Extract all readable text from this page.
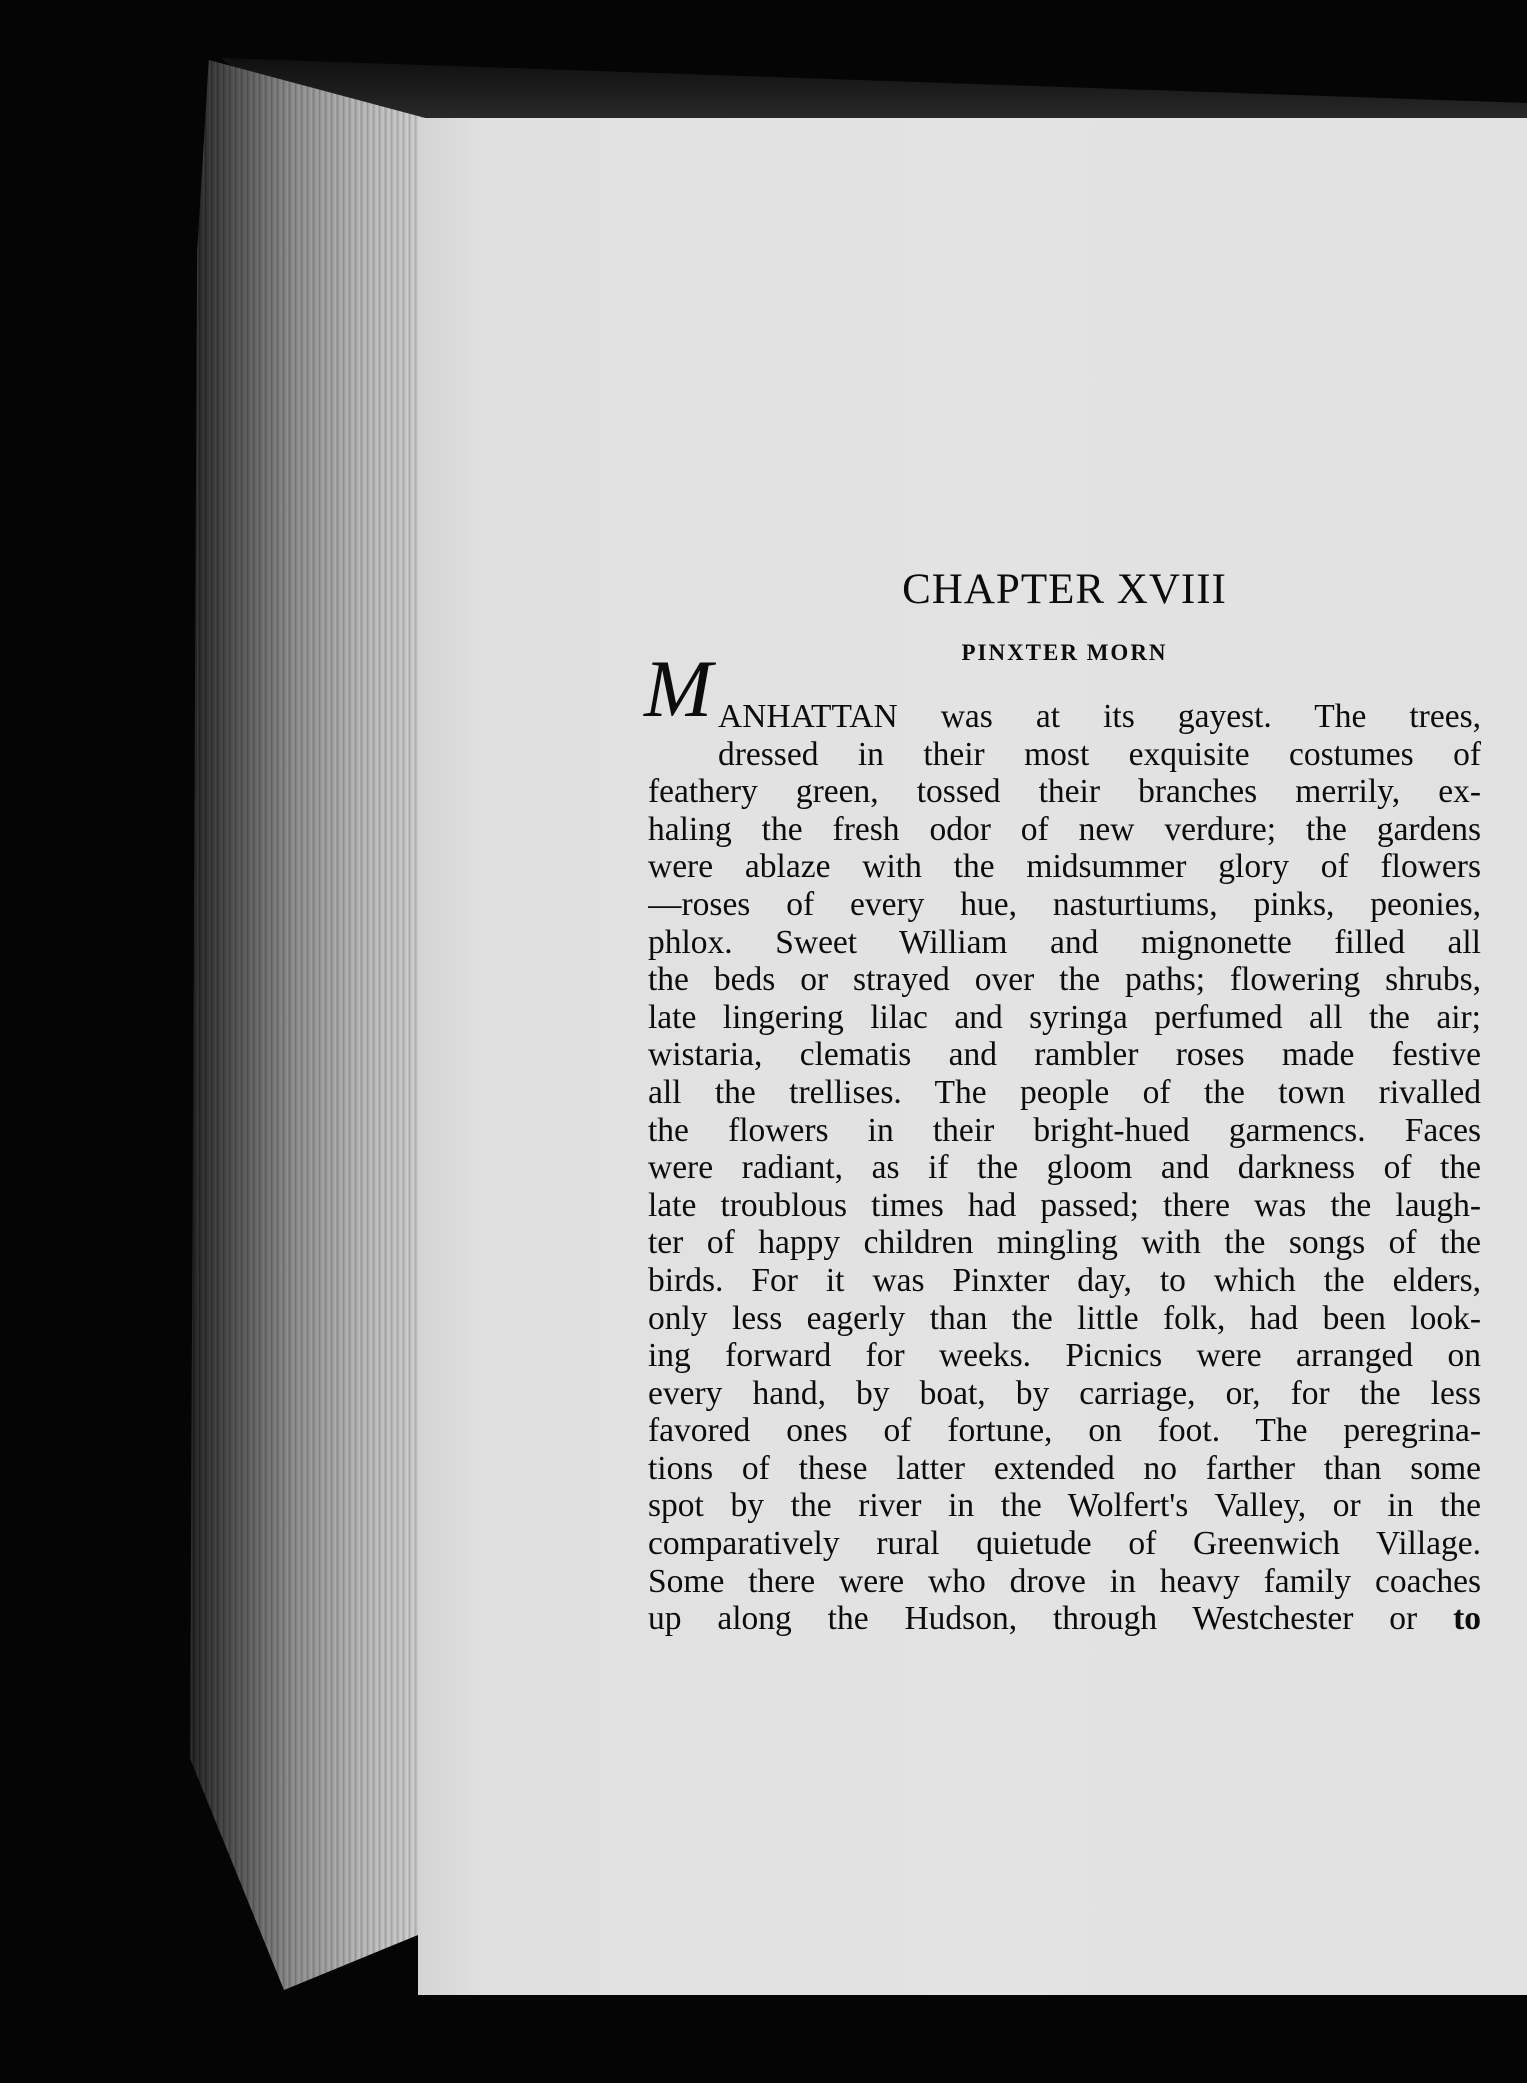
CHAPTER XVIII
PINXTER MORN
M ANHATTAN was at its gayest. The trees,
dressed in their most exquisite costumes of
feathery green, tossed their branches merrily, ex-
haling the fresh odor of new verdure; the gardens
were ablaze with the midsummer glory of flowers
—roses of every hue, nasturtiums, pinks, peonies,
phlox. Sweet William and mignonette filled all
the beds or strayed over the paths; flowering shrubs,
late lingering lilac and syringa perfumed all the air;
wistaria, clematis and rambler roses made festive
all the trellises. The people of the town rivalled
the flowers in their bright-hued garmencs. Faces
were radiant, as if the gloom and darkness of the
late troublous times had passed; there was the laugh-
ter of happy children mingling with the songs of the
birds. For it was Pinxter day, to which the elders,
only less eagerly than the little folk, had been look-
ing forward for weeks. Picnics were arranged on
every hand, by boat, by carriage, or, for the less
favored ones of fortune, on foot. The peregrina-
tions of these latter extended no farther than some
spot by the river in the Wolfert's Valley, or in the
comparatively rural quietude of Greenwich Village.
Some there were who drove in heavy family coaches
up along the Hudson, through Westchester or to
